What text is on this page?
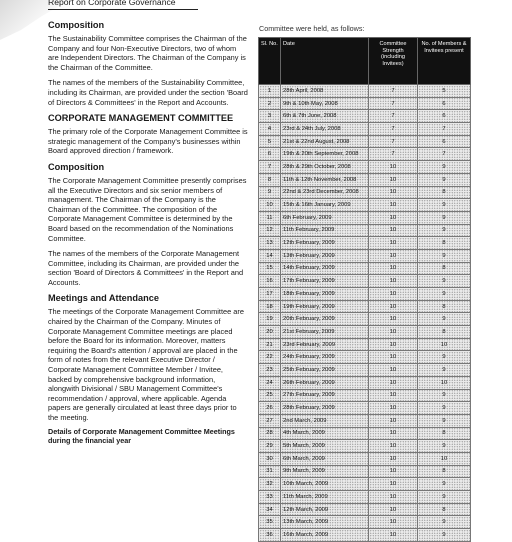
Report on Corporate Governance
Composition
The Sustainability Committee comprises the Chairman of the Company and four Non-Executive Directors, two of whom are Independent Directors. The Chairman of the Company is the Chairman of the Committee.
The names of the members of the Sustainability Committee, including its Chairman, are provided under the section 'Board of Directors & Committees' in the Report and Accounts.
CORPORATE MANAGEMENT COMMITTEE
The primary role of the Corporate Management Committee is strategic management of the Company's businesses within Board approved direction / framework.
Composition
The Corporate Management Committee presently comprises all the Executive Directors and six senior members of management. The Chairman of the Company is the Chairman of the Committee. The composition of the Corporate Management Committee is determined by the Board based on the recommendation of the Nominations Committee.
The names of the members of the Corporate Management Committee, including its Chairman, are provided under the section 'Board of Directors & Committees' in the Report and Accounts.
Meetings and Attendance
The meetings of the Corporate Management Committee are chaired by the Chairman of the Company. Minutes of Corporate Management Committee meetings are placed before the Board for its information. Moreover, matters requiring the Board's attention / approval are placed in the form of notes from the relevant Executive Director / Corporate Management Committee Member / Invitee, backed by comprehensive background information, alongwith Divisional / SBU Management Committee's recommendation / approval, where applicable. Agenda papers are generally circulated at least three days prior to the meeting.
Details of Corporate Management Committee Meetings during the financial year
Committee were held, as follows:
Sl. No.	Date	Committee Strength (including Invitees)	No. of Members & Invitees present
1	28th April, 2008	7	5
2	9th & 10th May, 2008	7	6
3	6th & 7th June, 2008	7	6
4	23rd & 24th July, 2008	7	7
5	21st & 22nd August, 2008	7	6
6	19th & 20th September, 2008	7	7
7	28th & 29th October, 2008	10	9
8	11th & 12th November, 2008	10	9
9	22nd & 23rd December, 2008	10	8
10	15th & 16th January, 2009	10	9
11	6th February, 2009	10	9
12	11th February, 2009	10	9
13	12th February, 2009	10	8
14	13th February, 2009	10	9
15	14th February, 2009	10	8
16	17th February, 2009	10	9
17	18th February, 2009	10	9
18	19th February, 2009	10	8
19	20th February, 2009	10	9
20	21st February, 2009	10	8
21	23rd February, 2009	10	10
22	24th February, 2009	10	9
23	25th February, 2009	10	9
24	26th February, 2009	10	10
25	27th February, 2009	10	9
26	28th February, 2009	10	9
27	2nd March, 2009	10	9
28	4th March, 2009	10	8
29	5th March, 2009	10	9
30	6th March, 2009	10	10
31	9th March, 2009	10	8
32	10th March, 2009	10	9
33	11th March, 2009	10	9
34	12th March, 2009	10	8
35	13th March, 2009	10	9
36	16th March, 2009	10	9
